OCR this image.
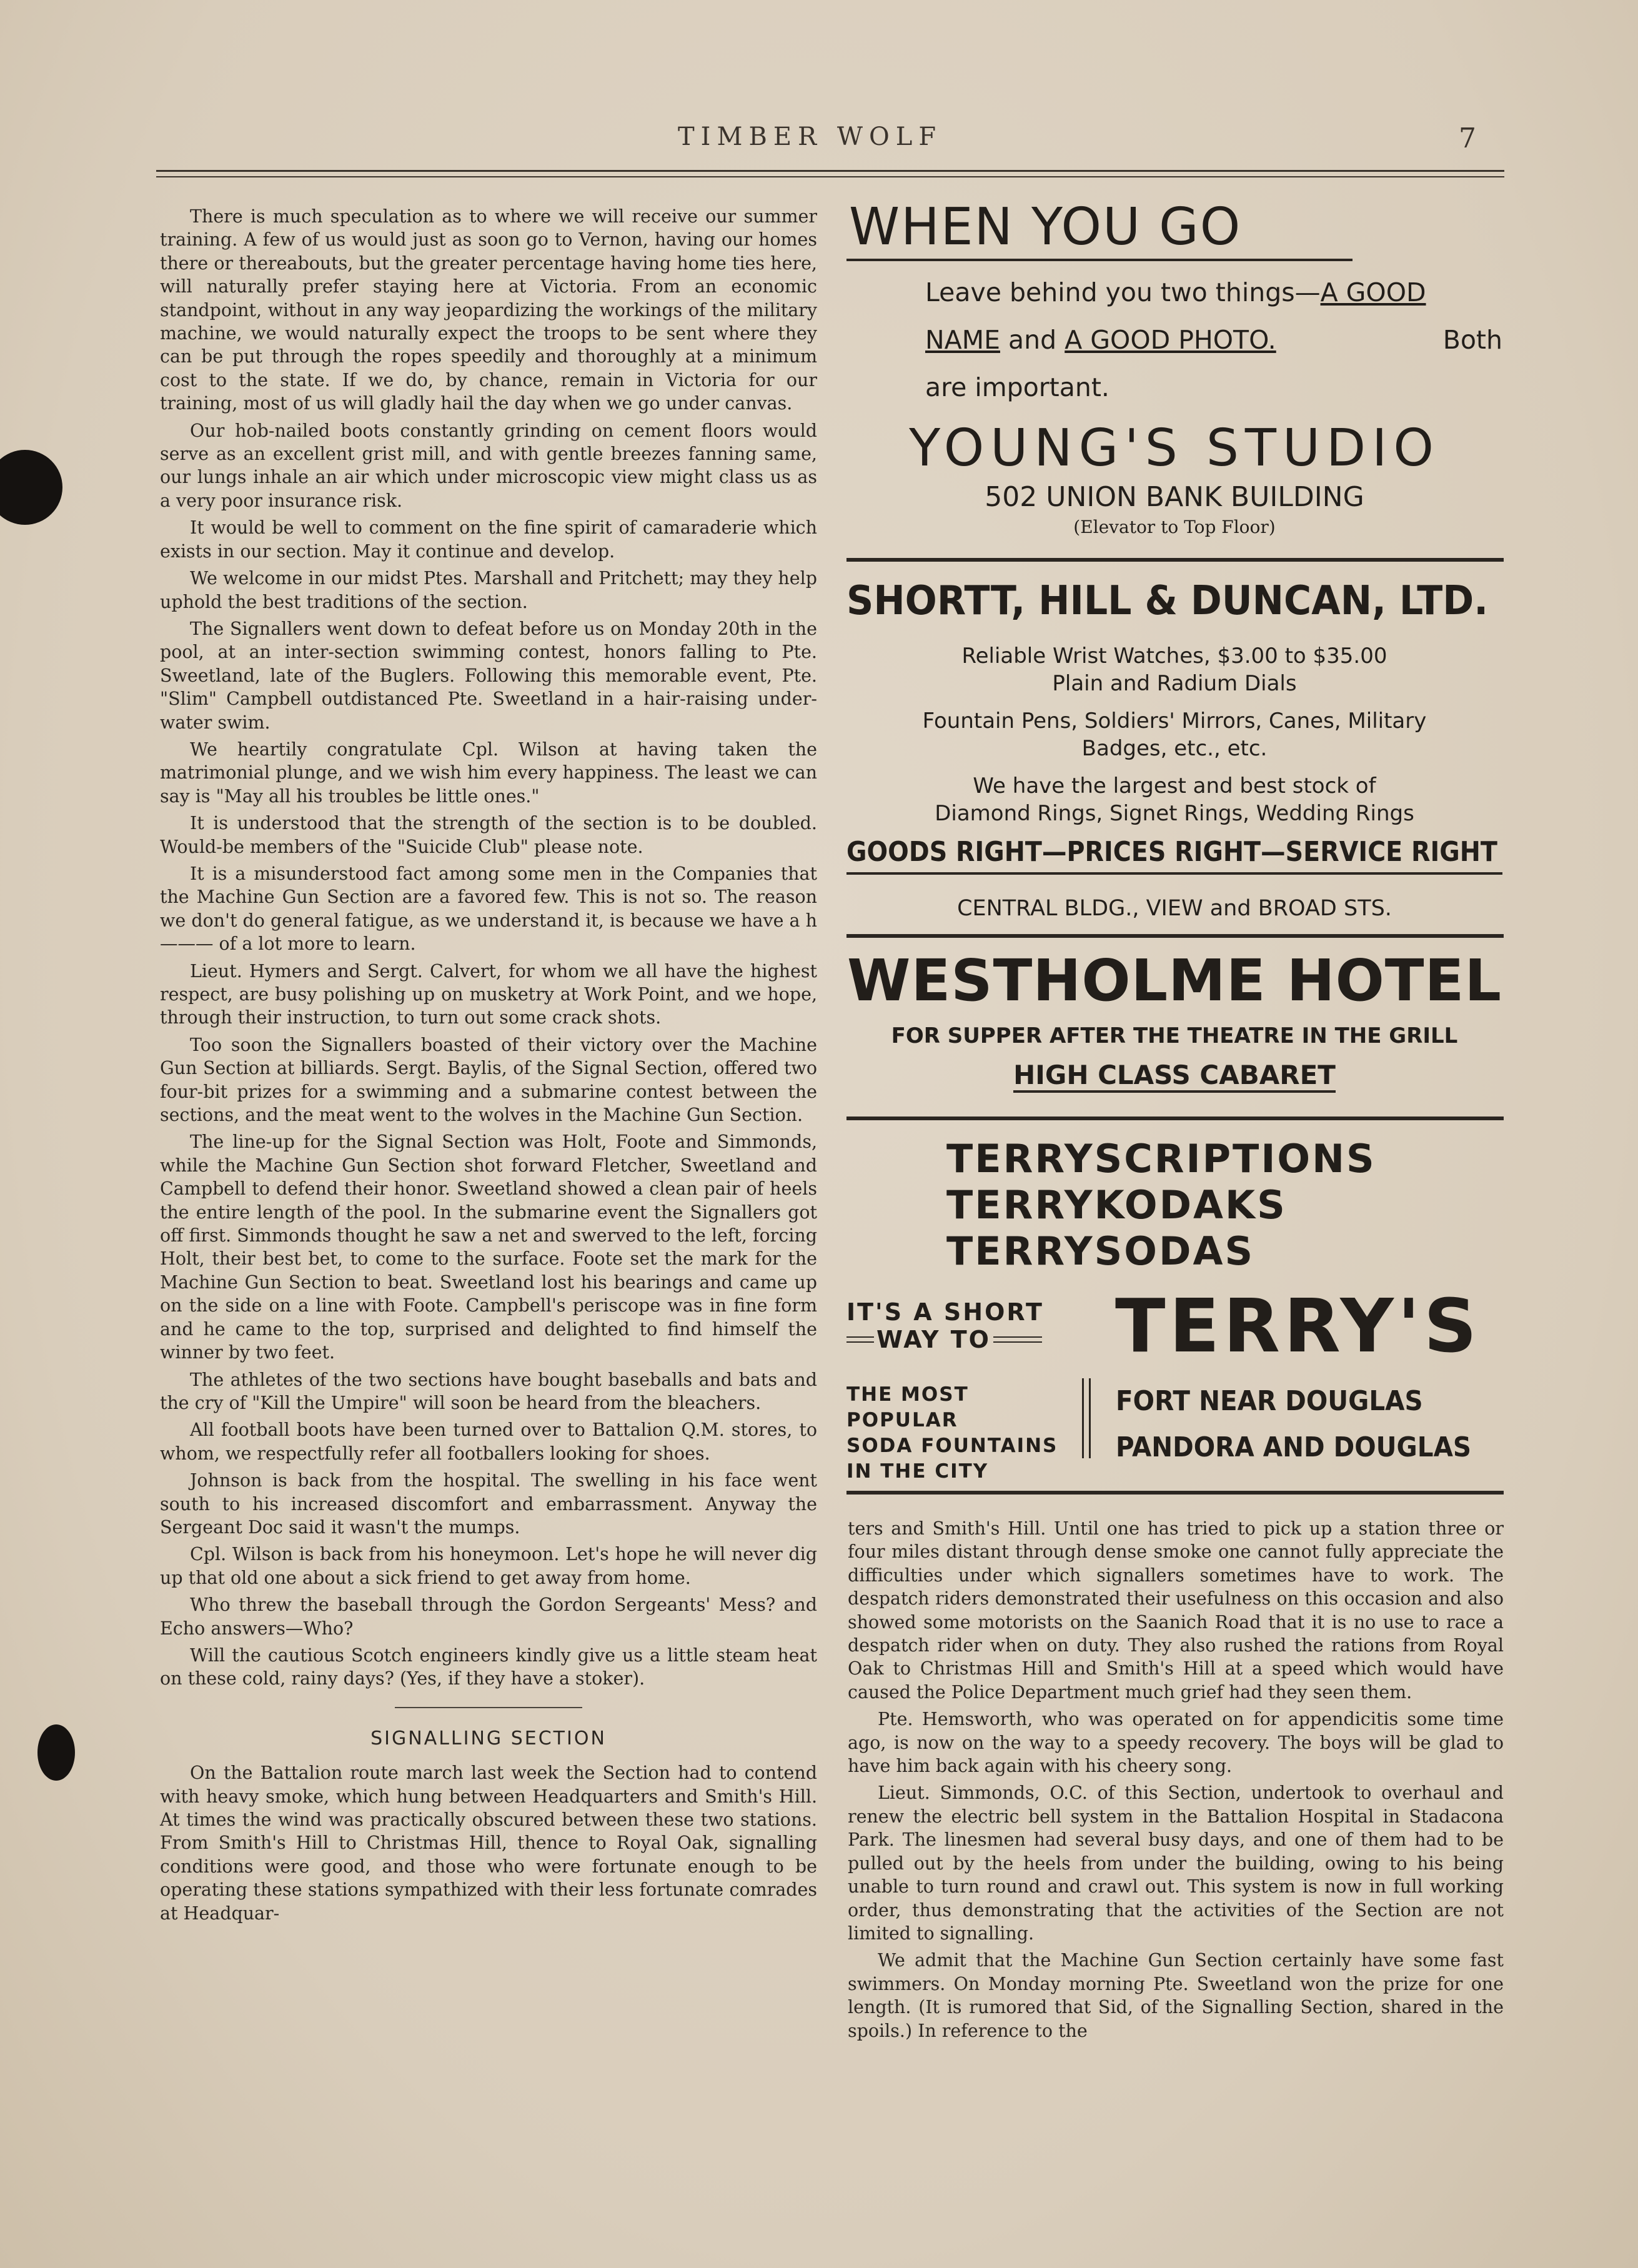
TIMBER WOLF	7

There is much speculation as to where we will receive our summer training. A few of us would just as soon go to Vernon, having our homes there or thereabouts, but the greater percentage having home ties here, will naturally prefer staying here at Victoria. From an economic standpoint, without in any way jeopardizing the workings of the military machine, we would naturally expect the troops to be sent where they can be put through the ropes speedily and thoroughly at a minimum cost to the state. If we do, by chance, remain in Victoria for our training, most of us will gladly hail the day when we go under canvas.

Our hob-nailed boots constantly grinding on cement floors would serve as an excellent grist mill, and with gentle breezes fanning same, our lungs inhale an air which under microscopic view might class us as a very poor insurance risk.

It would be well to comment on the fine spirit of camaraderie which exists in our section. May it continue and develop.

We welcome in our midst Ptes. Marshall and Pritchett; may they help uphold the best traditions of the section.

The Signallers went down to defeat before us on Monday 20th in the pool, at an inter-section swimming contest, honors falling to Pte. Sweetland, late of the Buglers. Following this memorable event, Pte. "Slim" Campbell outdistanced Pte. Sweetland in a hair-raising under-water swim.

We heartily congratulate Cpl. Wilson at having taken the matrimonial plunge, and we wish him every happiness. The least we can say is "May all his troubles be little ones."

It is understood that the strength of the section is to be doubled. Would-be members of the "Suicide Club" please note.

It is a misunderstood fact among some men in the Companies that the Machine Gun Section are a favored few. This is not so. The reason we don't do general fatigue, as we understand it, is because we have a h——— of a lot more to learn.

Lieut. Hymers and Sergt. Calvert, for whom we all have the highest respect, are busy polishing up on musketry at Work Point, and we hope, through their instruction, to turn out some crack shots.

Too soon the Signallers boasted of their victory over the Machine Gun Section at billiards. Sergt. Baylis, of the Signal Section, offered two four-bit prizes for a swimming and a submarine contest between the sections, and the meat went to the wolves in the Machine Gun Section.

The line-up for the Signal Section was Holt, Foote and Simmonds, while the Machine Gun Section shot forward Fletcher, Sweetland and Campbell to defend their honor. Sweetland showed a clean pair of heels the entire length of the pool. In the submarine event the Signallers got off first. Simmonds thought he saw a net and swerved to the left, forcing Holt, their best bet, to come to the surface. Foote set the mark for the Machine Gun Section to beat. Sweetland lost his bearings and came up on the side on a line with Foote. Campbell's periscope was in fine form and he came to the top, surprised and delighted to find himself the winner by two feet.

The athletes of the two sections have bought baseballs and bats and the cry of "Kill the Umpire" will soon be heard from the bleachers.

All football boots have been turned over to Battalion Q.M. stores, to whom, we respectfully refer all footballers looking for shoes.

Johnson is back from the hospital. The swelling in his face went south to his increased discomfort and embarrassment. Anyway the Sergeant Doc said it wasn't the mumps.

Cpl. Wilson is back from his honeymoon. Let's hope he will never dig up that old one about a sick friend to get away from home.

Who threw the baseball through the Gordon Sergeants' Mess? and Echo answers—Who?

Will the cautious Scotch engineers kindly give us a little steam heat on these cold, rainy days? (Yes, if they have a stoker).

SIGNALLING SECTION

On the Battalion route march last week the Section had to contend with heavy smoke, which hung between Headquarters and Smith's Hill. At times the wind was practically obscured between these two stations. From Smith's Hill to Christmas Hill, thence to Royal Oak, signalling conditions were good, and those who were fortunate enough to be operating these stations sympathized with their less fortunate comrades at Headquar-

WHEN YOU GO
Leave behind you two things—A GOOD
NAME and A GOOD PHOTO.	Both
are important.
YOUNG'S STUDIO
502 UNION BANK BUILDING
(Elevator to Top Floor)
SHORTT, HILL & DUNCAN, LTD.
Reliable Wrist Watches, $3.00 to $35.00
Plain and Radium Dials
Fountain Pens, Soldiers' Mirrors, Canes, Military
Badges, etc., etc.
We have the largest and best stock of
Diamond Rings, Signet Rings, Wedding Rings
GOODS RIGHT—PRICES RIGHT—SERVICE RIGHT
CENTRAL BLDG., VIEW and BROAD STS.
WESTHOLME HOTEL
FOR SUPPER AFTER THE THEATRE IN THE GRILL
HIGH CLASS CABARET
TERRYSCRIPTIONS
TERRYKODAKS
TERRYSODAS
IT'S A SHORT
WAY TO TERRY'S
THE MOST POPULAR
SODA FOUNTAINS
IN THE CITY
FORT NEAR DOUGLAS
PANDORA AND DOUGLAS

ters and Smith's Hill. Until one has tried to pick up a station three or four miles distant through dense smoke one cannot fully appreciate the difficulties under which signallers sometimes have to work. The despatch riders demonstrated their usefulness on this occasion and also showed some motorists on the Saanich Road that it is no use to race a despatch rider when on duty. They also rushed the rations from Royal Oak to Christmas Hill and Smith's Hill at a speed which would have caused the Police Department much grief had they seen them.

Pte. Hemsworth, who was operated on for appendicitis some time ago, is now on the way to a speedy recovery. The boys will be glad to have him back again with his cheery song.

Lieut. Simmonds, O.C. of this Section, undertook to overhaul and renew the electric bell system in the Battalion Hospital in Stadacona Park. The linesmen had several busy days, and one of them had to be pulled out by the heels from under the building, owing to his being unable to turn round and crawl out. This system is now in full working order, thus demonstrating that the activities of the Section are not limited to signalling.

We admit that the Machine Gun Section certainly have some fast swimmers. On Monday morning Pte. Sweetland won the prize for one length. (It is rumored that Sid, of the Signalling Section, shared in the spoils.) In reference to the
